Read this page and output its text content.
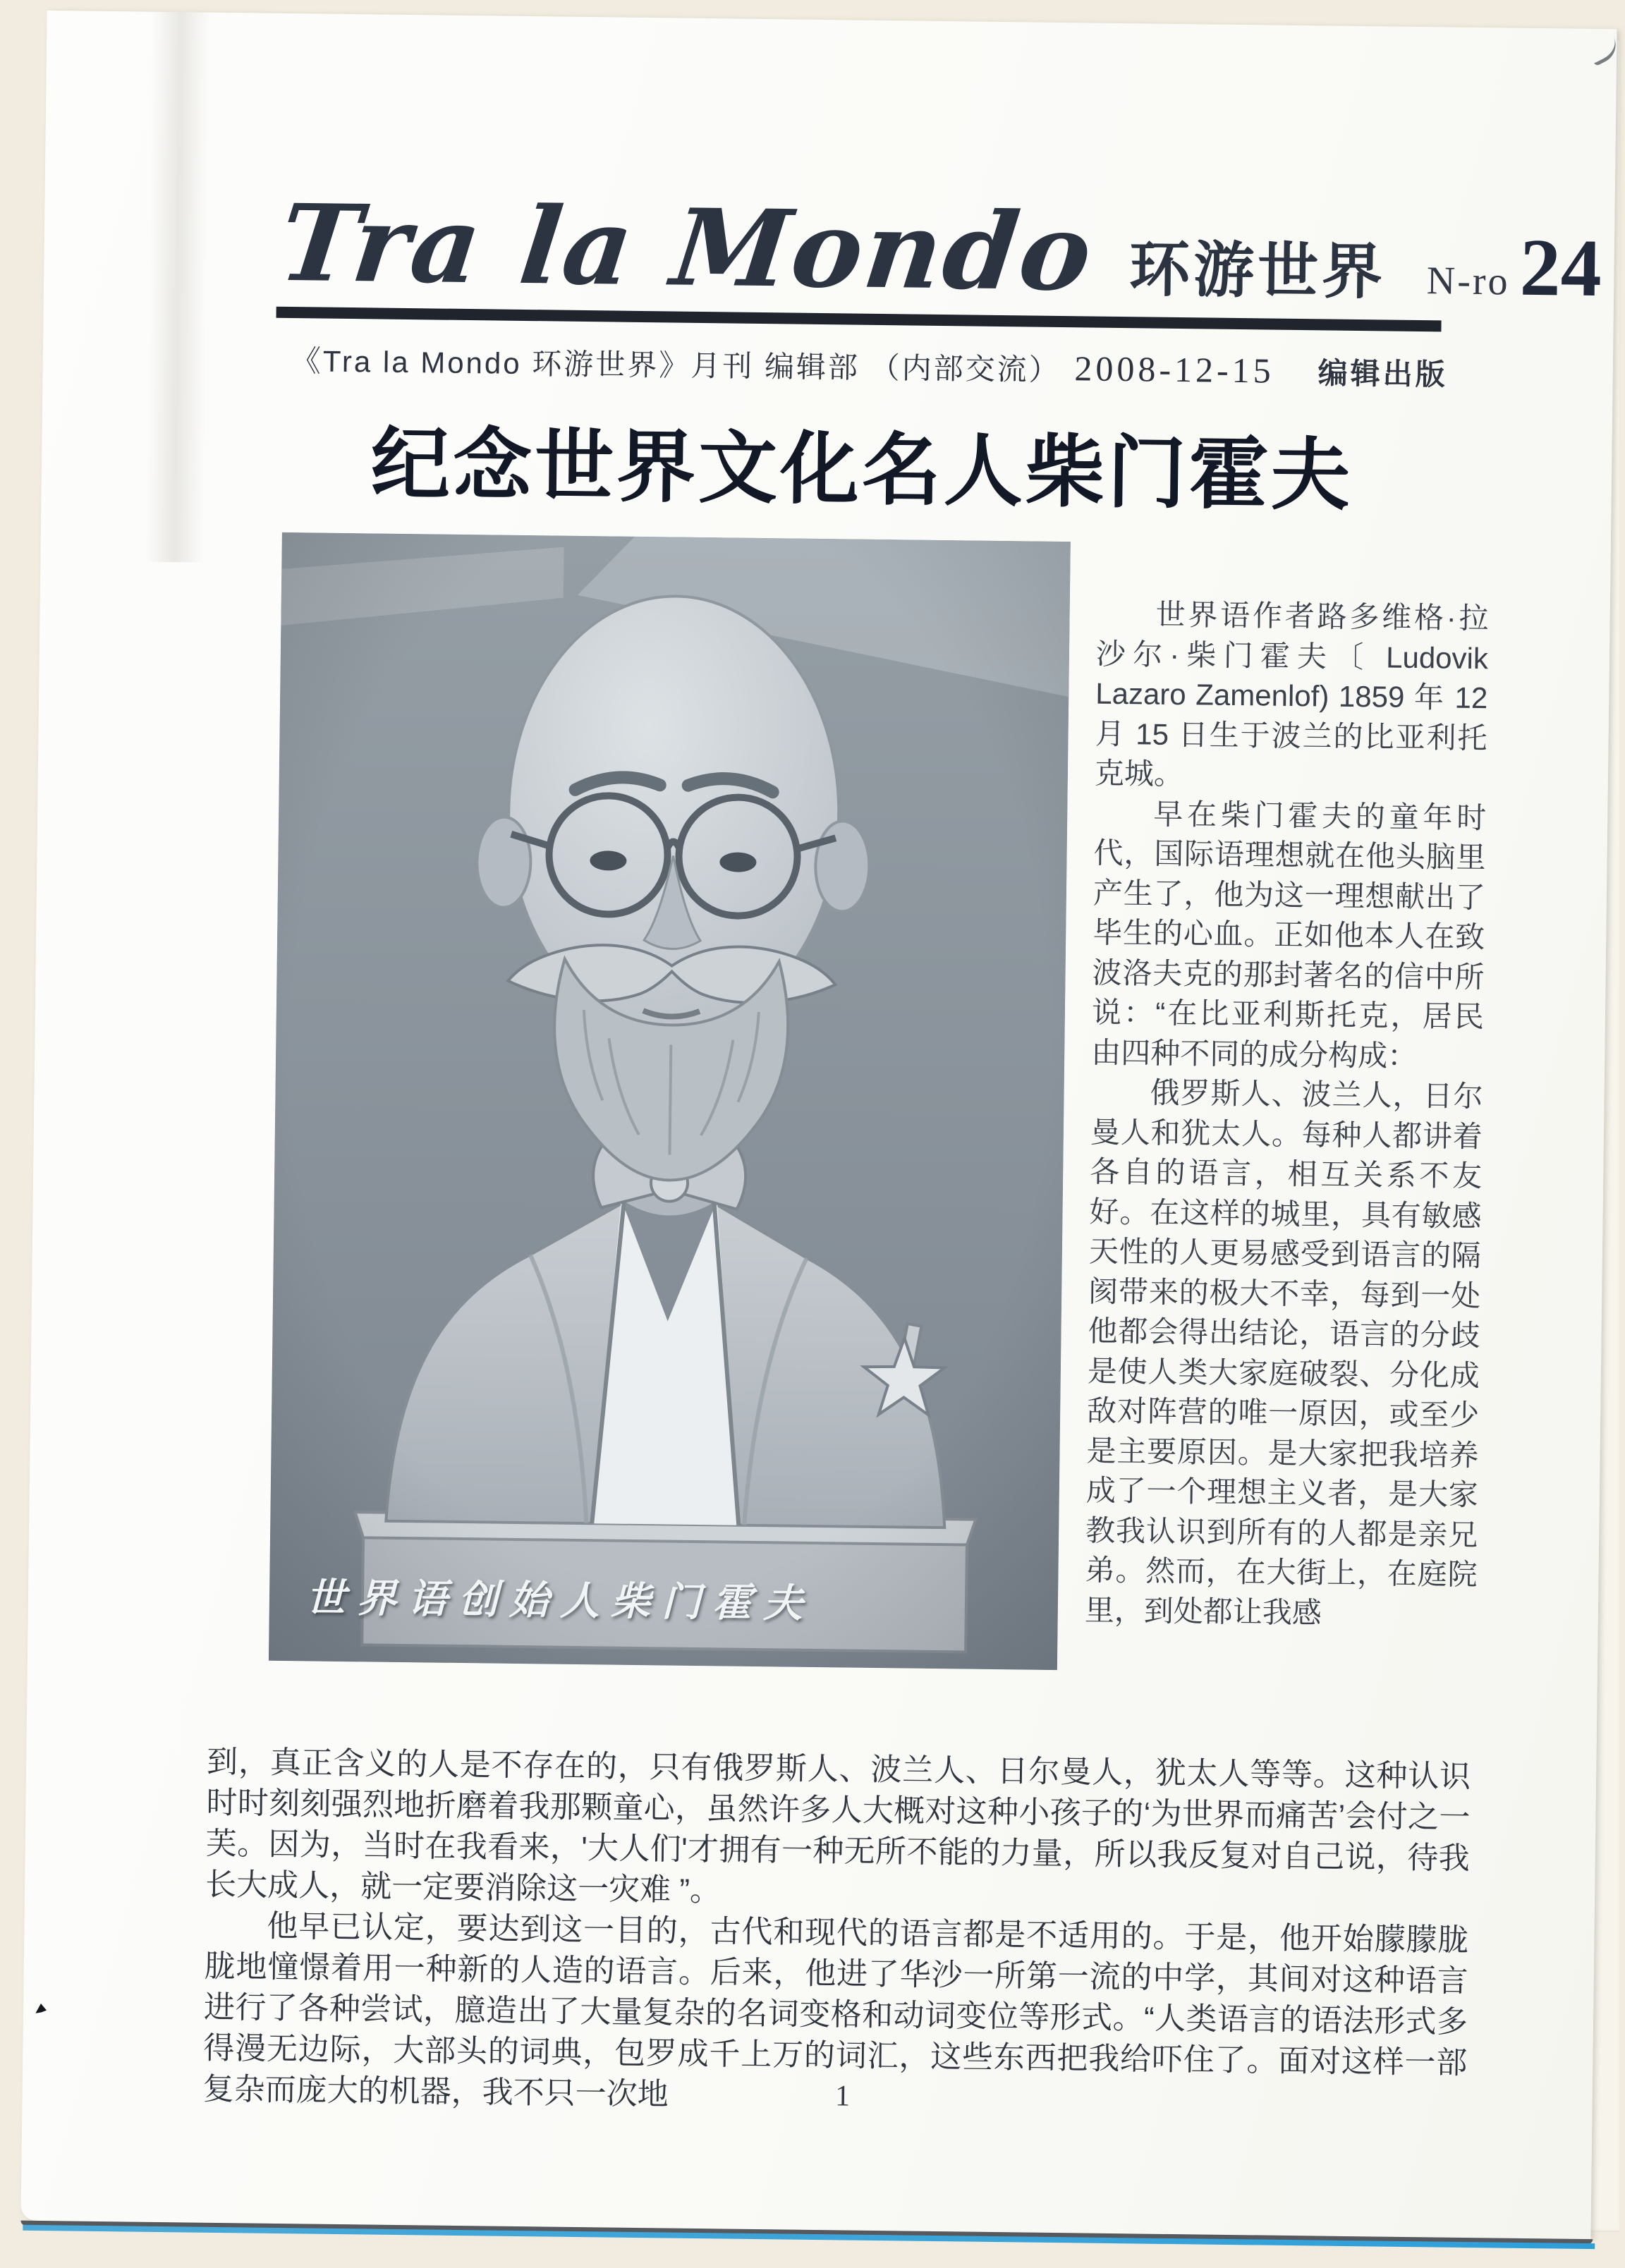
Tra la Mondo 环游世界 N-ro 24
《Tra la Mondo 环游世界》月刊 编辑部 （内部交流） 2008-12-15 编辑出版
纪念世界文化名人柴门霍夫
世界语创始人柴门霍夫

世界语作者路多维格·拉沙尔·柴门霍夫〔 Ludovik Lazaro Zamenlof) 1859 年 12 月 15 日生于波兰的比亚利托克城。

早在柴门霍夫的童年时代，国际语理想就在他头脑里产生了，他为这一理想献出了毕生的心血。正如他本人在致波洛夫克的那封著名的信中所说：“在比亚利斯托克，居民由四种不同的成分构成：

俄罗斯人、波兰人，日尔曼人和犹太人。每种人都讲着各自的语言，相互关系不友好。在这样的城里，具有敏感天性的人更易感受到语言的隔阂带来的极大不幸，每到一处他都会得出结论，语言的分歧是使人类大家庭破裂、分化成敌对阵营的唯一原因，或至少是主要原因。是大家把我培养成了一个理想主义者，是大家教我认识到所有的人都是亲兄弟。然而，在大街上，在庭院里，到处都让我感

到，真正含义的人是不存在的，只有俄罗斯人、波兰人、日尔曼人，犹太人等等。这种认识时时刻刻强烈地折磨着我那颗童心，虽然许多人大概对这种小孩子的‘为世界而痛苦’会付之一芙。因为，当时在我看来，'大人们'才拥有一种无所不能的力量，所以我反复对自己说，待我长大成人，就一定要消除这一灾难 ”。

他早已认定，要达到这一目的，古代和现代的语言都是不适用的。于是，他开始朦朦胧胧地憧憬着用一种新的人造的语言。后来，他进了华沙一所第一流的中学，其间对这种语言进行了各种尝试，臆造出了大量复杂的名词变格和动词变位等形式。“人类语言的语法形式多得漫无边际，大部头的词典，包罗成千上万的词汇，这些东西把我给吓住了。面对这样一部复杂而庞大的机器，我不只一次地	1
